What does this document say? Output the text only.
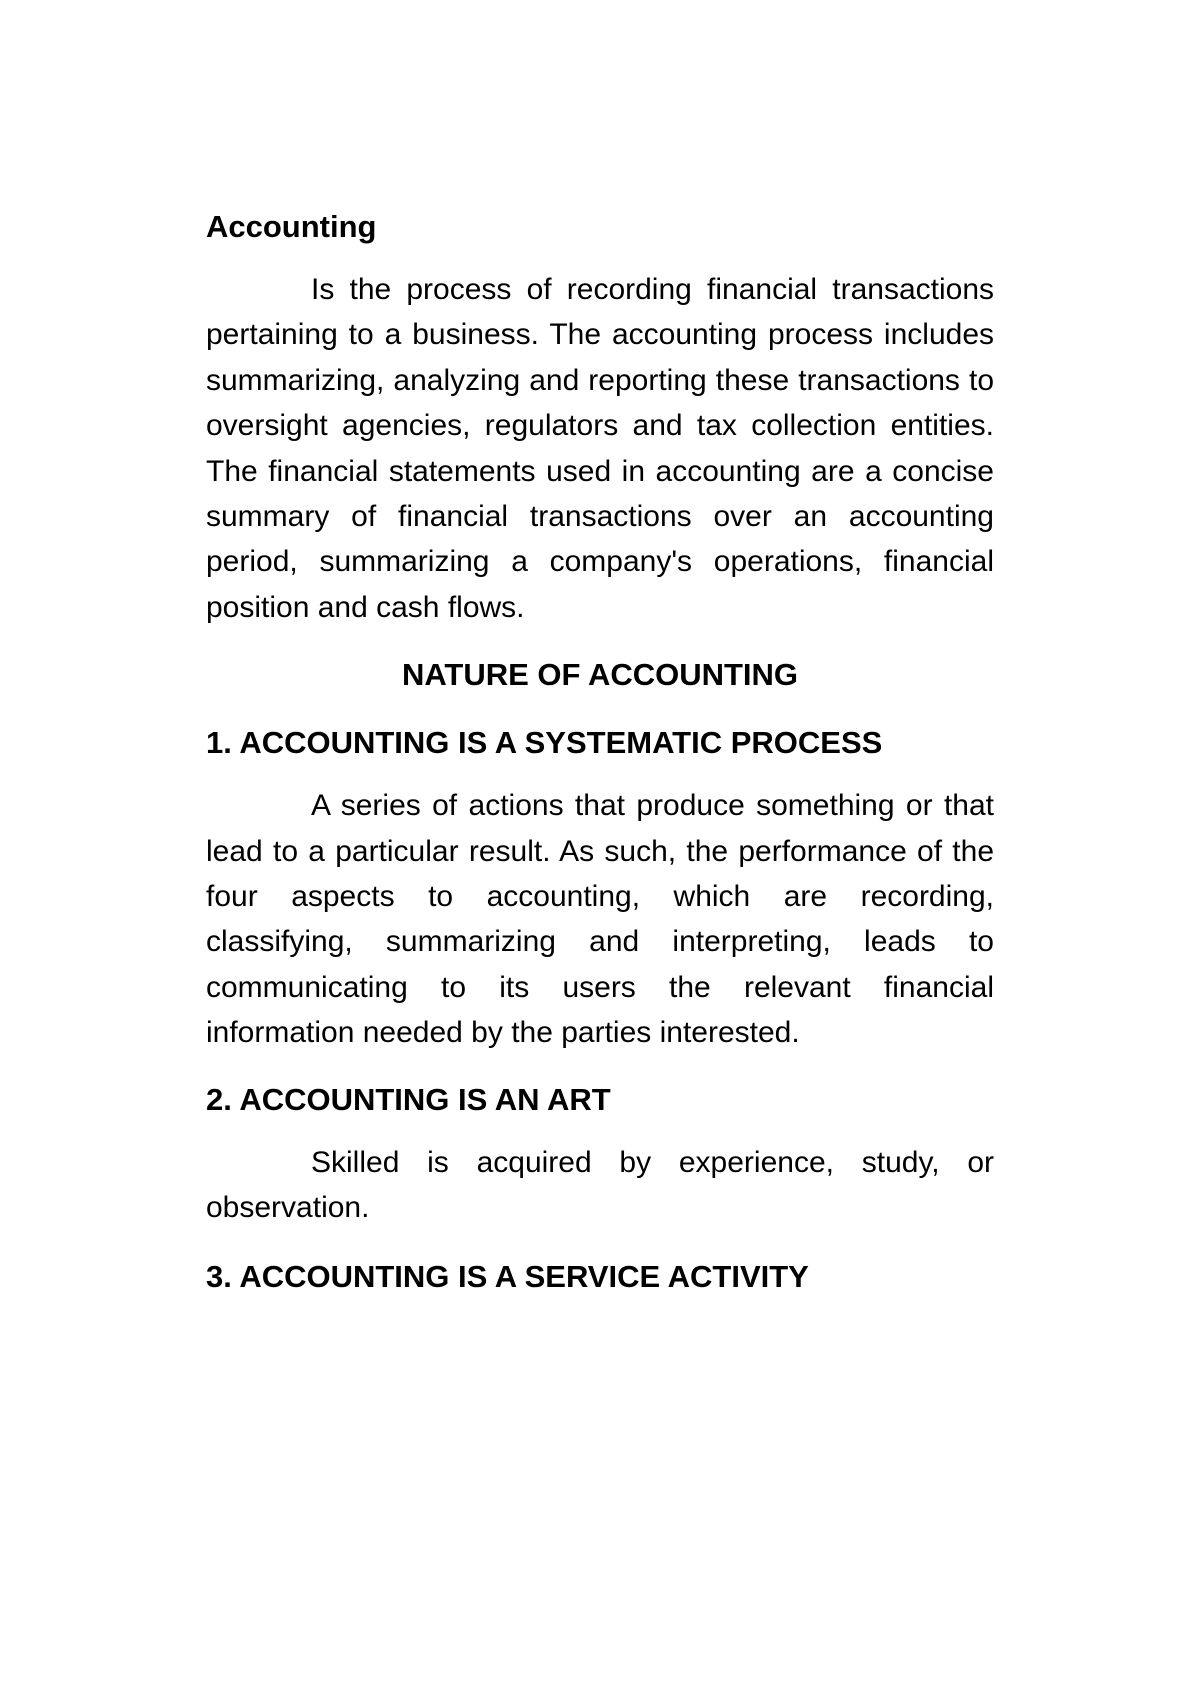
Accounting

Is the process of recording financial transactions pertaining to a business. The accounting process includes summarizing, analyzing and reporting these transactions to oversight agencies, regulators and tax collection entities. The financial statements used in accounting are a concise summary of financial transactions over an accounting period, summarizing a company's operations, financial position and cash flows.

NATURE OF ACCOUNTING
1. ACCOUNTING IS A SYSTEMATIC PROCESS

A series of actions that produce something or that lead to a particular result. As such, the performance of the four aspects to accounting, which are recording, classifying, summarizing and interpreting, leads to communicating to its users the relevant financial information needed by the parties interested.

2. ACCOUNTING IS AN ART

Skilled is acquired by experience, study, or observation.

3. ACCOUNTING IS A SERVICE ACTIVITY
